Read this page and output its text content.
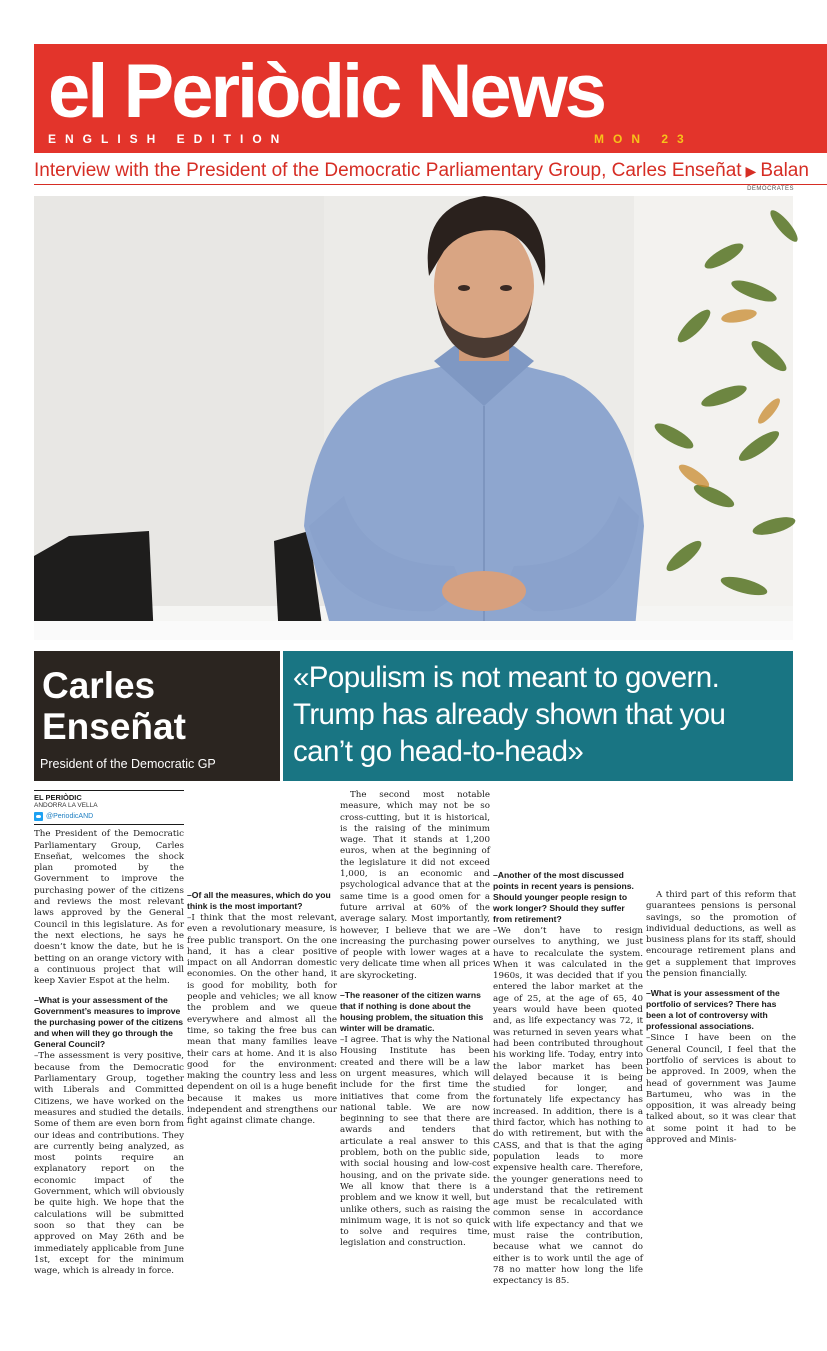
el Periòdic News
ENGLISH EDITION	MON 23
Interview with the President of the Democratic Parliamentary Group, Carles Enseñat ▶ Balan
DEMÒCRATES
Carles Enseñat
President of the Democratic GP
«Populism is not meant to govern. Trump has already shown that you can’t go head-to-head»
EL PERIÒDIC
ANDORRA LA VELLA
@PeriodicAND

The President of the Democratic Parliamentary Group, Carles Enseñat, welcomes the shock plan promoted by the Government to improve the purchasing power of the citizens and reviews the most relevant laws approved by the General Council in this legislature. As for the next elections, he says he doesn’t know the date, but he is betting on an orange victory with a continuous project that will keep Xavier Espot at the helm.

–What is your assessment of the Government’s measures to improve the purchasing power of the citizens and when will they go through the General Council?

–The assessment is very positive, because from the Democratic Parliamentary Group, together with Liberals and Committed Citizens, we have worked on the measures and studied the details. Some of them are even born from our ideas and contributions. They are currently being analyzed, as most points require an explanatory report on the economic impact of the Government, which will obviously be quite high. We hope that the calculations will be submitted soon so that they can be approved on May 26th and be immediately applicable from June 1st, except for the minimum wage, which is already in force.

–Of all the measures, which do you think is the most important?

–I think that the most relevant, even a revolutionary measure, is free public transport. On the one hand, it has a clear positive impact on all Andorran domestic economies. On the other hand, it is good for mobility, both for people and vehicles; we all know the problem and we queue everywhere and almost all the time, so taking the free bus can mean that many families leave their cars at home. And it is also good for the environment: making the country less and less dependent on oil is a huge benefit because it makes us more independent and strengthens our fight against climate change.

The second most notable measure, which may not be so cross-cutting, but it is historical, is the raising of the minimum wage. That it stands at 1,200 euros, when at the beginning of the legislature it did not exceed 1,000, is an economic and psychological advance that at the same time is a good omen for a future arrival at 60% of the average salary. Most importantly, however, I believe that we are increasing the purchasing power of people with lower wages at a very delicate time when all prices are skyrocketing.

–The reasoner of the citizen warns that if nothing is done about the housing problem, the situation this winter will be dramatic.

–I agree. That is why the National Housing Institute has been created and there will be a law on urgent measures, which will include for the first time the initiatives that come from the national table. We are now beginning to see that there are awards and tenders that articulate a real answer to this problem, both on the public side, with social housing and low-cost housing, and on the private side. We all know that there is a problem and we know it well, but unlike others, such as raising the minimum wage, it is not so quick to solve and requires time, legislation and construction.

–Another of the most discussed points in recent years is pensions. Should younger people resign to work longer? Should they suffer from retirement?

–We don’t have to resign ourselves to anything, we just have to recalculate the system. When it was calculated in the 1960s, it was decided that if you entered the labor market at the age of 25, at the age of 65, 40 years would have been quoted and, as life expectancy was 72, it was returned in seven years what had been contributed throughout his working life. Today, entry into the labor market has been delayed because it is being studied for longer, and fortunately life expectancy has increased. In addition, there is a third factor, which has nothing to do with retirement, but with the CASS, and that is that the aging population leads to more expensive health care. Therefore, the younger generations need to understand that the retirement age must be recalculated with common sense in accordance with life expectancy and that we must raise the contribution, because what we cannot do either is to work until the age of 78 no matter how long the life expectancy is 85.

A third part of this reform that guarantees pensions is personal savings, so the promotion of individual deductions, as well as business plans for its staff, should encourage retirement plans and get a supplement that improves the pension financially.

–What is your assessment of the portfolio of services? There has been a lot of controversy with professional associations.

–Since I have been on the General Council, I feel that the portfolio of services is about to be approved. In 2009, when the head of government was Jaume Bartumeu, who was in the opposition, it was already being talked about, so it was clear that at some point it had to be approved and Minis-
